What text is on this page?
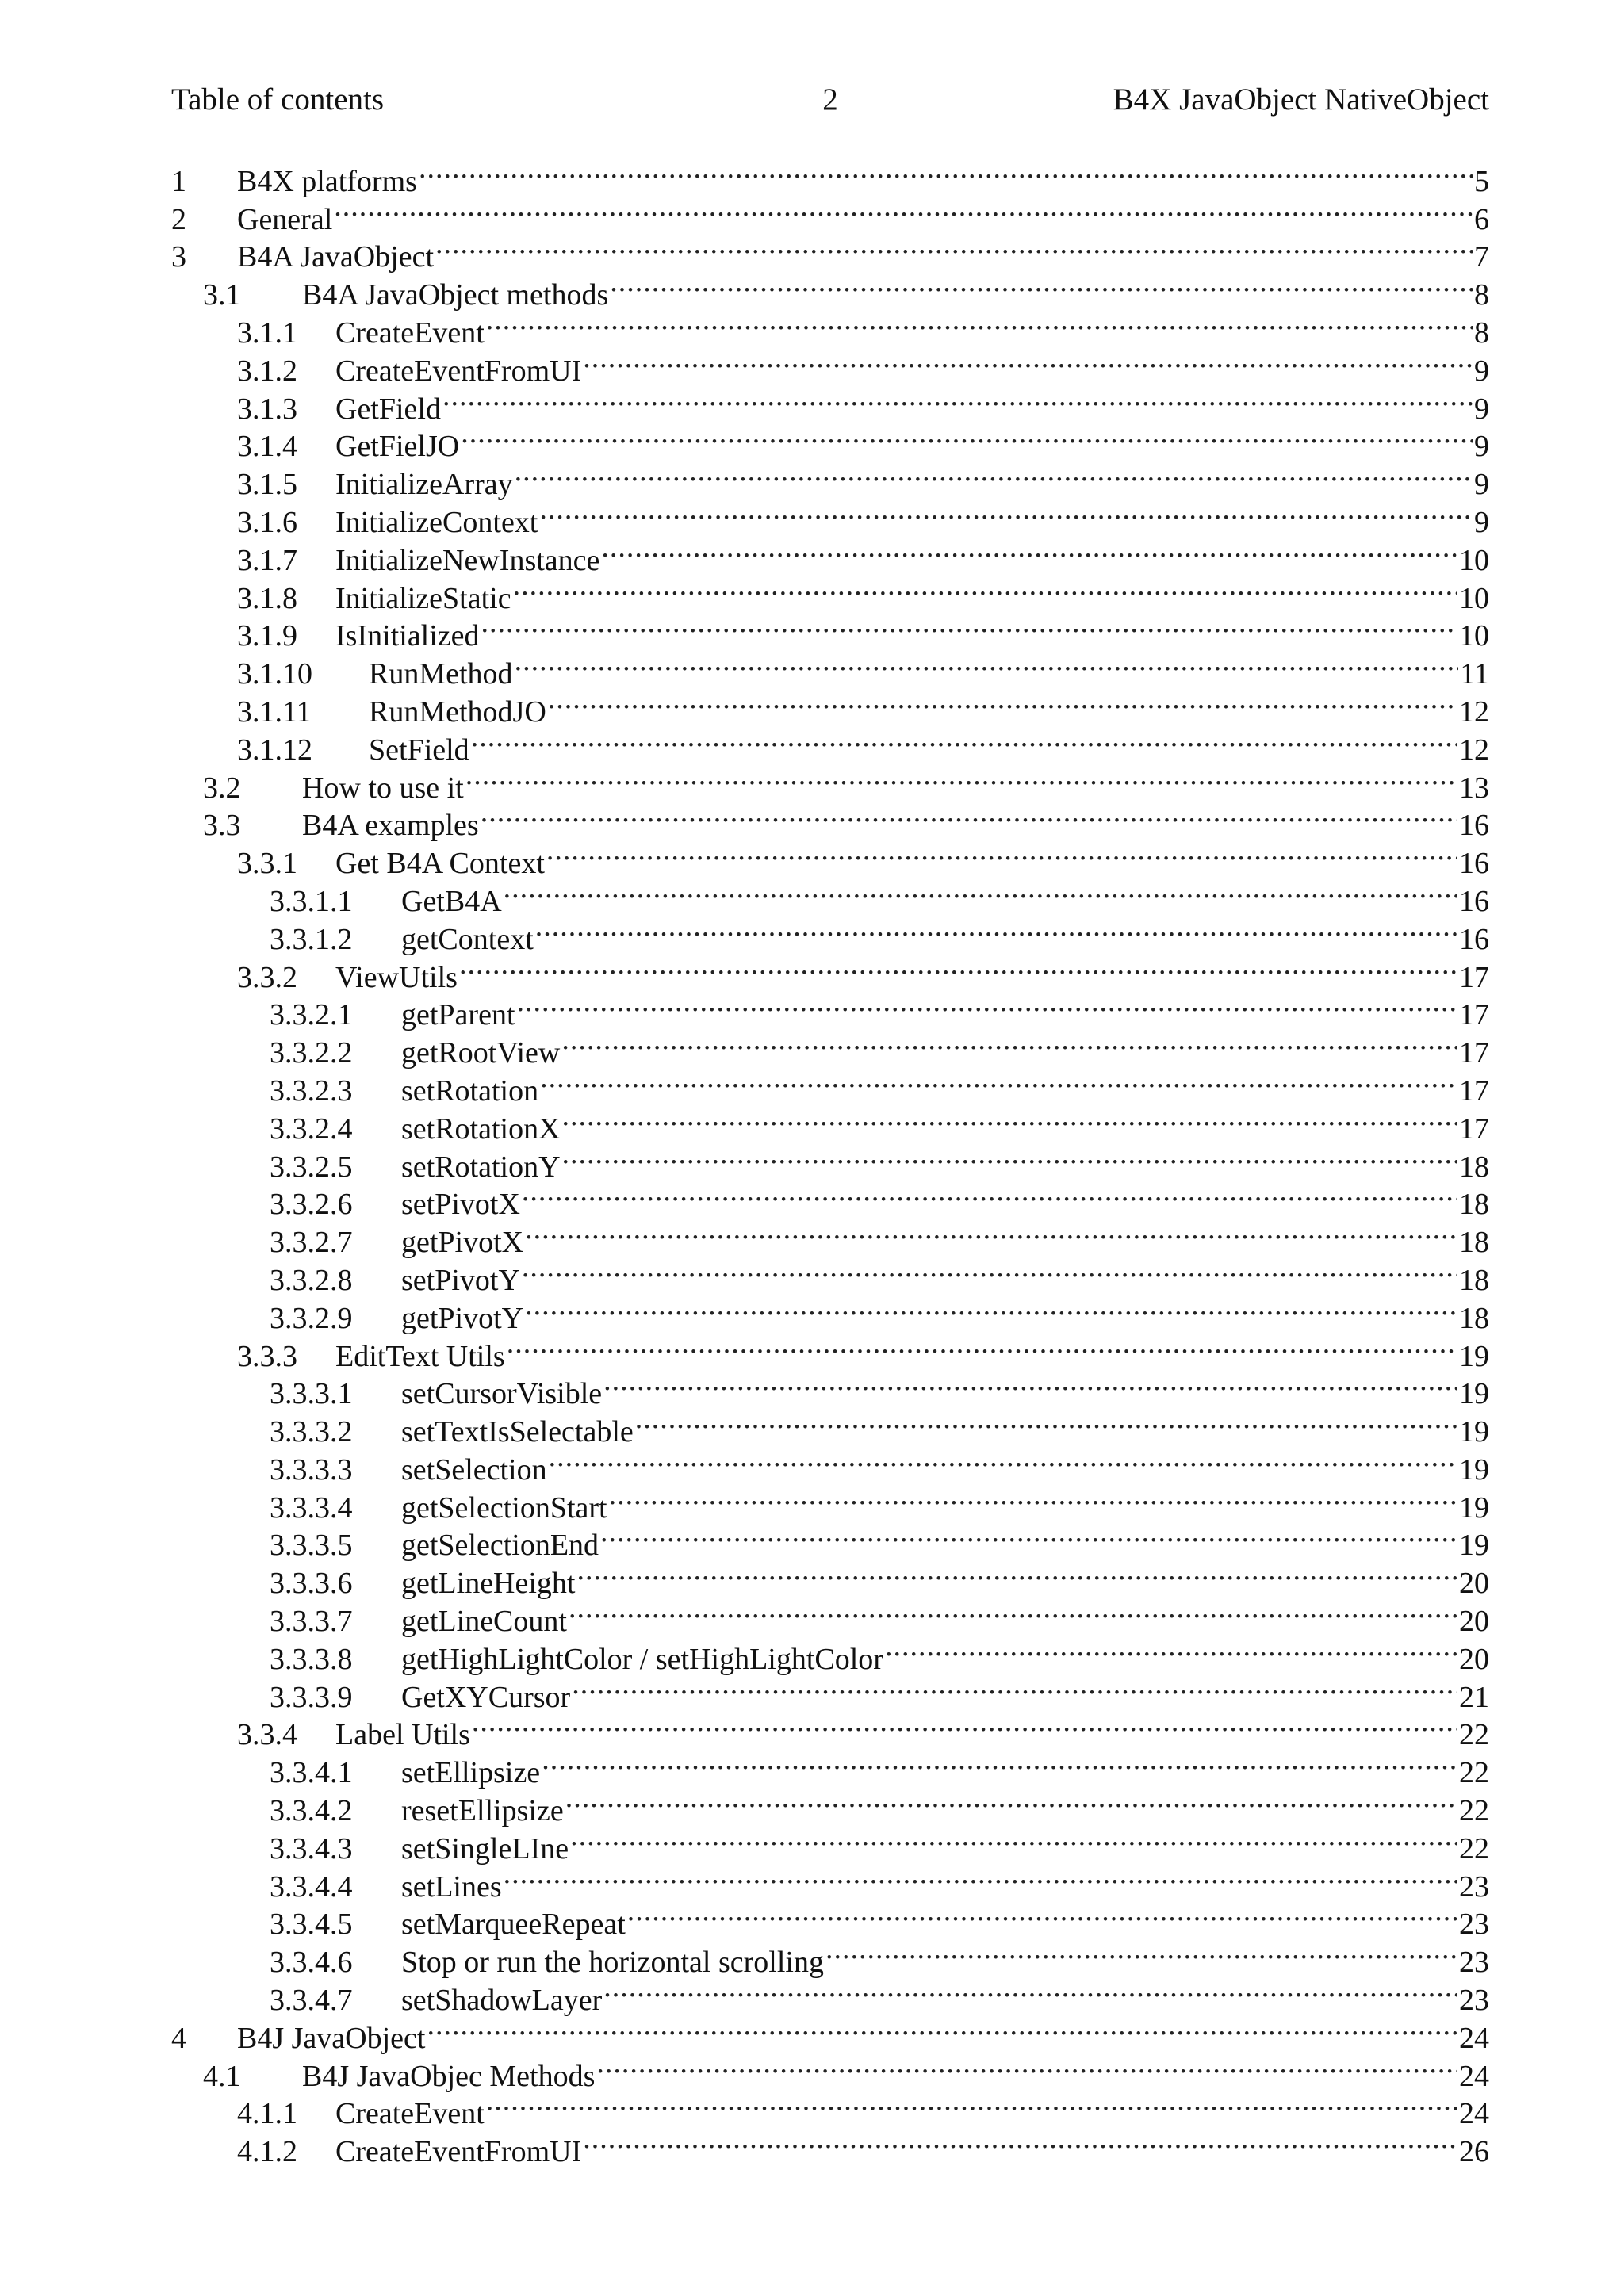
Table of contents	2	B4X JavaObject NativeObject
1	B4X platforms .....	5
2	General .....	6
3	B4A JavaObject .....	7
3.1	B4A JavaObject methods .....	8
3.1.1	CreateEvent .....	8
3.1.2	CreateEventFromUI .....	9
3.1.3	GetField .....	9
3.1.4	GetFielJO .....	9
3.1.5	InitializeArray .....	9
3.1.6	InitializeContext .....	9
3.1.7	InitializeNewInstance .....	10
3.1.8	InitializeStatic .....	10
3.1.9	IsInitialized .....	10
3.1.10	RunMethod .....	11
3.1.11	RunMethodJO .....	12
3.1.12	SetField .....	12
3.2	How to use it .....	13
3.3	B4A examples .....	16
3.3.1	Get B4A Context .....	16
3.3.1.1	GetB4A .....	16
3.3.1.2	getContext .....	16
3.3.2	ViewUtils .....	17
3.3.2.1	getParent .....	17
3.3.2.2	getRootView .....	17
3.3.2.3	setRotation .....	17
3.3.2.4	setRotationX .....	17
3.3.2.5	setRotationY .....	18
3.3.2.6	setPivotX .....	18
3.3.2.7	getPivotX .....	18
3.3.2.8	setPivotY .....	18
3.3.2.9	getPivotY .....	18
3.3.3	EditText Utils .....	19
3.3.3.1	setCursorVisible .....	19
3.3.3.2	setTextIsSelectable .....	19
3.3.3.3	setSelection .....	19
3.3.3.4	getSelectionStart .....	19
3.3.3.5	getSelectionEnd .....	19
3.3.3.6	getLineHeight .....	20
3.3.3.7	getLineCount .....	20
3.3.3.8	getHighLightColor / setHighLightColor .....	20
3.3.3.9	GetXYCursor .....	21
3.3.4	Label Utils .....	22
3.3.4.1	setEllipsize .....	22
3.3.4.2	resetEllipsize .....	22
3.3.4.3	setSingleLIne .....	22
3.3.4.4	setLines .....	23
3.3.4.5	setMarqueeRepeat .....	23
3.3.4.6	Stop or run the horizontal scrolling .....	23
3.3.4.7	setShadowLayer .....	23
4	B4J JavaObject .....	24
4.1	B4J JavaObjec Methods .....	24
4.1.1	CreateEvent .....	24
4.1.2	CreateEventFromUI .....	26
